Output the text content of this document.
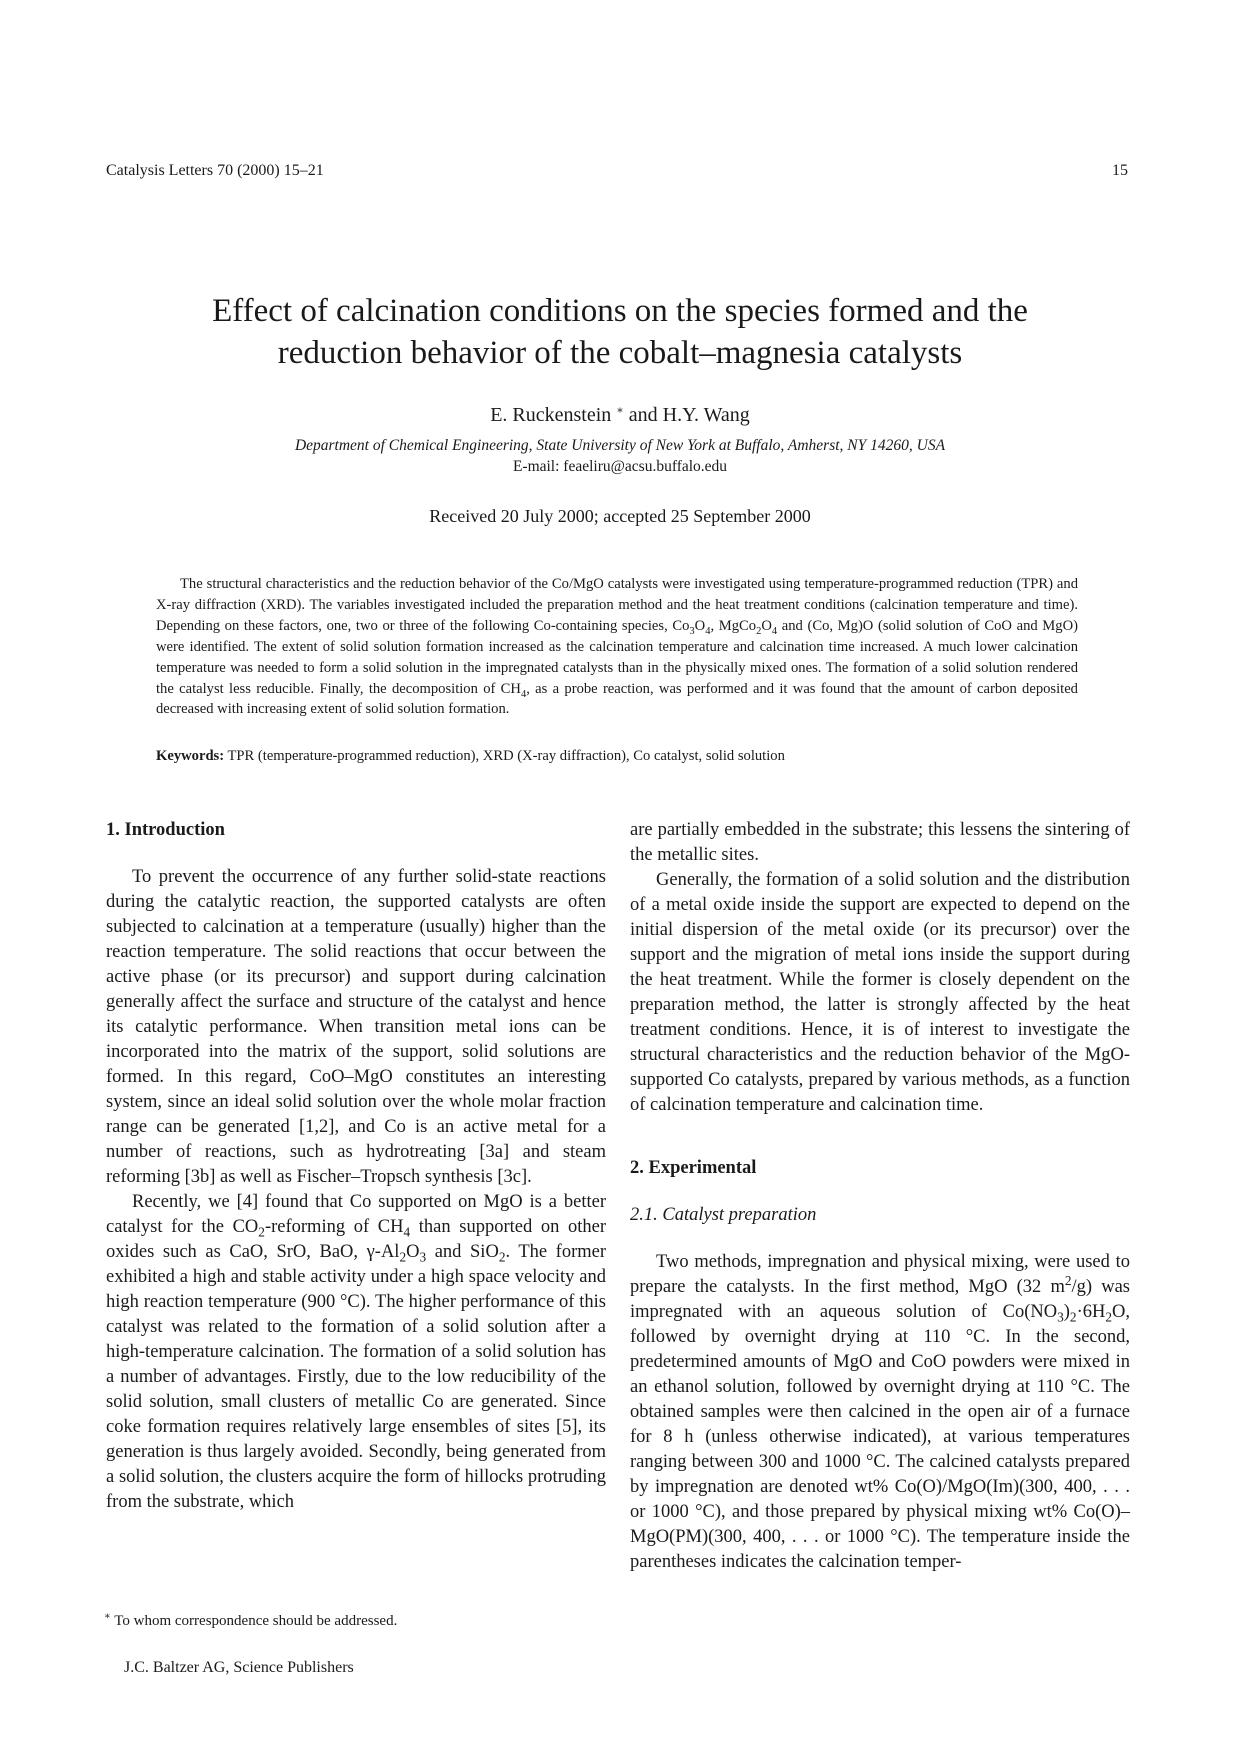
Catalysis Letters 70 (2000) 15–21	15
Effect of calcination conditions on the species formed and the
reduction behavior of the cobalt–magnesia catalysts
E. Ruckenstein ∗ and H.Y. Wang
Department of Chemical Engineering, State University of New York at Buffalo, Amherst, NY 14260, USA
E-mail: feaeliru@acsu.buffalo.edu
Received 20 July 2000; accepted 25 September 2000
The structural characteristics and the reduction behavior of the Co/MgO catalysts were investigated using temperature-programmed reduction (TPR) and X-ray diffraction (XRD). The variables investigated included the preparation method and the heat treatment conditions (calcination temperature and time). Depending on these factors, one, two or three of the following Co-containing species, $Co_3O_4$, $MgCo_2O_4$ and (Co, Mg)O (solid solution of CoO and MgO) were identified. The extent of solid solution formation increased as the calcination temperature and calcination time increased. A much lower calcination temperature was needed to form a solid solution in the impregnated catalysts than in the physically mixed ones. The formation of a solid solution rendered the catalyst less reducible. Finally, the decomposition of $CH_4$, as a probe reaction, was performed and it was found that the amount of carbon deposited decreased with increasing extent of solid solution formation.
Keywords: TPR (temperature-programmed reduction), XRD (X-ray diffraction), Co catalyst, solid solution
1. Introduction

To prevent the occurrence of any further solid-state reactions during the catalytic reaction, the supported catalysts are often subjected to calcination at a temperature (usually) higher than the reaction temperature. The solid reactions that occur between the active phase (or its precursor) and support during calcination generally affect the surface and structure of the catalyst and hence its catalytic performance. When transition metal ions can be incorporated into the matrix of the support, solid solutions are formed. In this regard, CoO–MgO constitutes an interesting system, since an ideal solid solution over the whole molar fraction range can be generated [1,2], and Co is an active metal for a number of reactions, such as hydrotreating [3a] and steam reforming [3b] as well as Fischer–Tropsch synthesis [3c].

Recently, we [4] found that Co supported on MgO is a better catalyst for the $CO_2$-reforming of $CH_4$ than supported on other oxides such as CaO, SrO, BaO, $\gamma-Al_2O_3$ and SiO$_2$. The former exhibited a high and stable activity under a high space velocity and high reaction temperature (900 °C). The higher performance of this catalyst was related to the formation of a solid solution after a high-temperature calcination. The formation of a solid solution has a number of advantages. Firstly, due to the low reducibility of the solid solution, small clusters of metallic Co are generated. Since coke formation requires relatively large ensembles of sites [5], its generation is thus largely avoided. Secondly, being generated from a solid solution, the clusters acquire the form of hillocks protruding from the substrate, which

are partially embedded in the substrate; this lessens the sintering of the metallic sites.

Generally, the formation of a solid solution and the distribution of a metal oxide inside the support are expected to depend on the initial dispersion of the metal oxide (or its precursor) over the support and the migration of metal ions inside the support during the heat treatment. While the former is closely dependent on the preparation method, the latter is strongly affected by the heat treatment conditions. Hence, it is of interest to investigate the structural characteristics and the reduction behavior of the MgO-supported Co catalysts, prepared by various methods, as a function of calcination temperature and calcination time.

2. Experimental
2.1. Catalyst preparation

Two methods, impregnation and physical mixing, were used to prepare the catalysts. In the first method, MgO (32 $m^2/g$) was impregnated with an aqueous solution of $Co(NO_3)_2\cdot 6H_2O$, followed by overnight drying at 110 °C. In the second, predetermined amounts of MgO and CoO powders were mixed in an ethanol solution, followed by overnight drying at 110 °C. The obtained samples were then calcined in the open air of a furnace for 8 h (unless otherwise indicated), at various temperatures ranging between 300 and 1000 °C. The calcined catalysts prepared by impregnation are denoted wt% Co(O)/MgO(Im)(300, 400, . . . or 1000 °C), and those prepared by physical mixing wt% Co(O)–MgO(PM)(300, 400, . . . or 1000 °C). The temperature inside the parentheses indicates the calcination temper-

∗ To whom correspondence should be addressed.
J.C. Baltzer AG, Science Publishers
